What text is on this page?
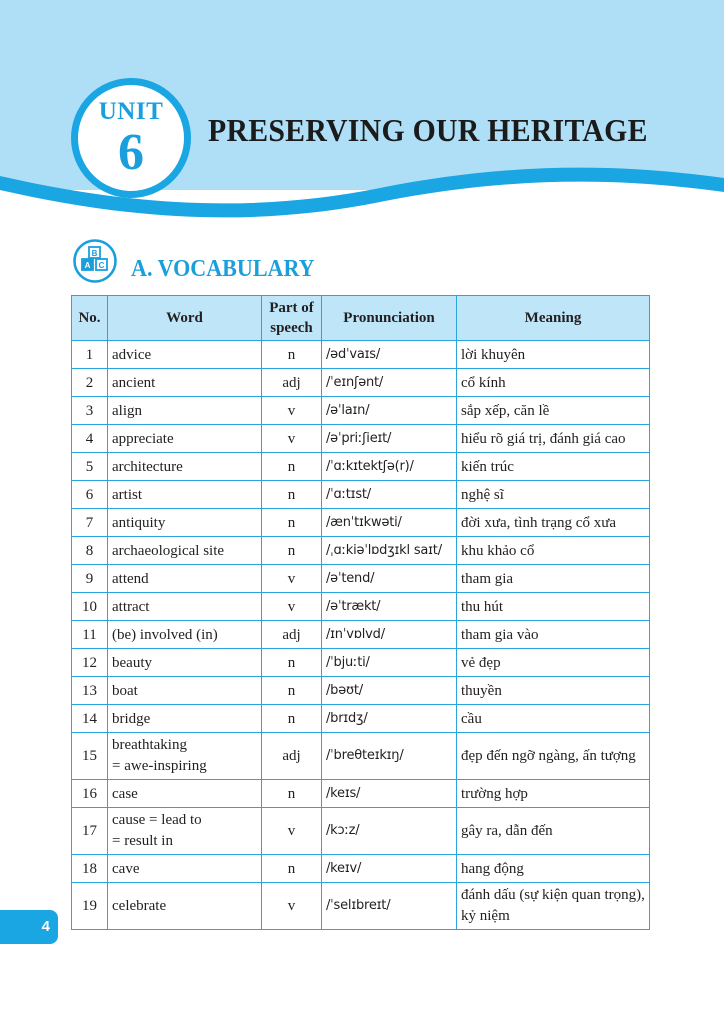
UNIT
6	PRESERVING OUR HERITAGE
B
A C A. VOCABULARY
No.	Word	Part of
speech	Pronunciation	Meaning
1	advice	n	/ədˈvaɪs/	lời khuyên
2	ancient	adj	/ˈeɪnʃənt/	cổ kính
3	align	v	/əˈlaɪn/	sắp xếp, căn lề
4	appreciate	v	/əˈpriːʃieɪt/	hiểu rõ giá trị, đánh giá cao
5	architecture	n	/ˈɑːkɪtektʃə(r)/	kiến trúc
6	artist	n	/ˈɑːtɪst/	nghệ sĩ
7	antiquity	n	/ænˈtɪkwəti/	đời xưa, tình trạng cổ xưa
8	archaeological site	n	/ˌɑːkiəˈlɒdʒɪkl saɪt/	khu khảo cổ
9	attend	v	/əˈtend/	tham gia
10	attract	v	/əˈtrækt/	thu hút
11	(be) involved (in)	adj	/ɪnˈvɒlvd/	tham gia vào
12	beauty	n	/ˈbjuːti/	vẻ đẹp
13	boat	n	/bəʊt/	thuyền
14	bridge	n	/brɪdʒ/	cầu
15	breathtaking
= awe-inspiring	adj	/ˈbreθteɪkɪŋ/	đẹp đến ngỡ ngàng, ấn tượng
16	case	n	/keɪs/	trường hợp
17	cause = lead to
= result in	v	/kɔːz/	gây ra, dẫn đến
18	cave	n	/keɪv/	hang động
19	celebrate	v	/ˈselɪbreɪt/	đánh dấu (sự kiện quan trọng), kỷ niệm
4
